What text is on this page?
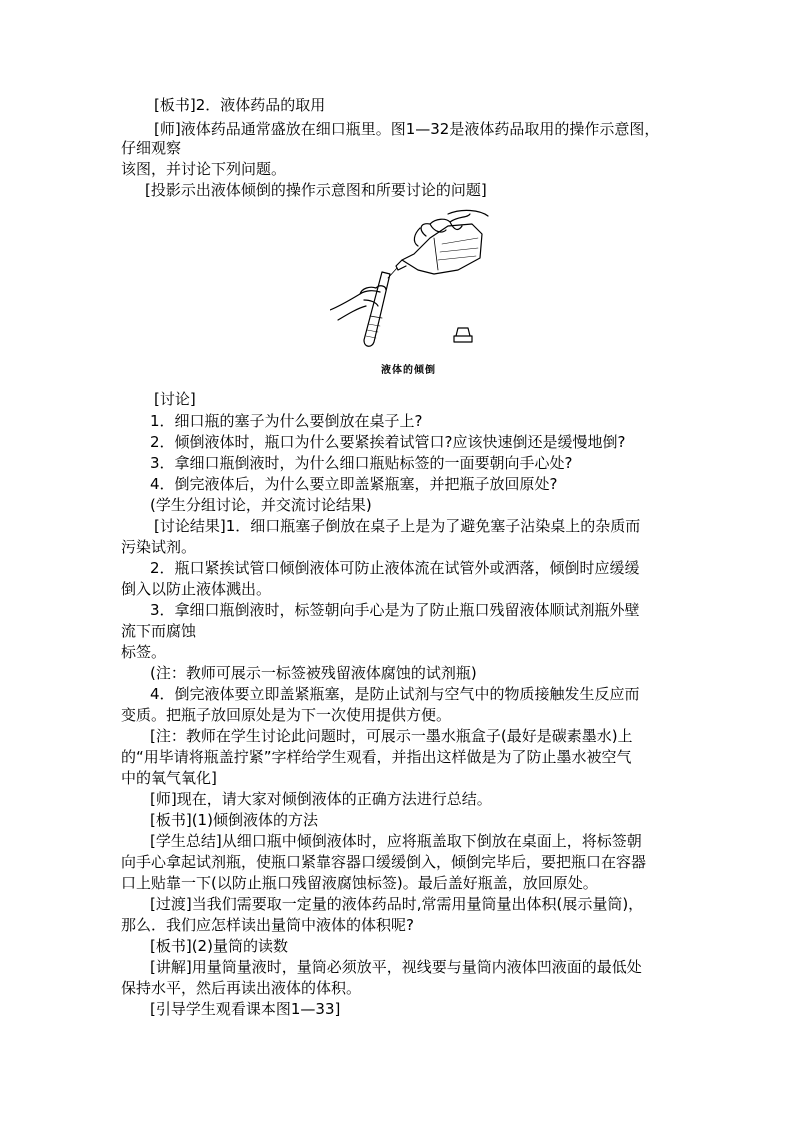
[板书]2．液体药品的取用

[师]液体药品通常盛放在细口瓶里。图1—32是液体药品取用的操作示意图，

仔细观察

该图，并讨论下列问题。

[投影示出液体倾倒的操作示意图和所要讨论的问题]

液体的倾倒

[讨论]

1．细口瓶的塞子为什么要倒放在桌子上?

2．倾倒液体时，瓶口为什么要紧挨着试管口?应该快速倒还是缓慢地倒?

3．拿细口瓶倒液时，为什么细口瓶贴标签的一面要朝向手心处?

4．倒完液体后，为什么要立即盖紧瓶塞，并把瓶子放回原处?

(学生分组讨论，并交流讨论结果)

[讨论结果]1．细口瓶塞子倒放在桌子上是为了避免塞子沾染桌上的杂质而

污染试剂。

2．瓶口紧挨试管口倾倒液体可防止液体流在试管外或洒落，倾倒时应缓缓

倒入以防止液体溅出。

3．拿细口瓶倒液时，标签朝向手心是为了防止瓶口残留液体顺试剂瓶外壁

流下而腐蚀

标签。

(注：教师可展示一标签被残留液体腐蚀的试剂瓶)

4．倒完液体要立即盖紧瓶塞，是防止试剂与空气中的物质接触发生反应而

变质。把瓶子放回原处是为下一次使用提供方便。

[注：教师在学生讨论此问题时，可展示一墨水瓶盒子(最好是碳素墨水)上

的“用毕请将瓶盖拧紧”字样给学生观看，并指出这样做是为了防止墨水被空气

中的氧气氧化]

[师]现在，请大家对倾倒液体的正确方法进行总结。

[板书](1)倾倒液体的方法

[学生总结]从细口瓶中倾倒液体时，应将瓶盖取下倒放在桌面上，将标签朝

向手心拿起试剂瓶，使瓶口紧靠容器口缓缓倒入，倾倒完毕后，要把瓶口在容器

口上贴靠一下(以防止瓶口残留液腐蚀标签)。最后盖好瓶盖，放回原处。

[过渡]当我们需要取一定量的液体药品时,常需用量筒量出体积(展示量筒)，

那么．我们应怎样读出量筒中液体的体积呢?

[板书](2)量筒的读数

[讲解]用量筒量液时，量筒必须放平，视线要与量筒内液体凹液面的最低处

保持水平，然后再读出液体的体积。

[引导学生观看课本图1—33]
